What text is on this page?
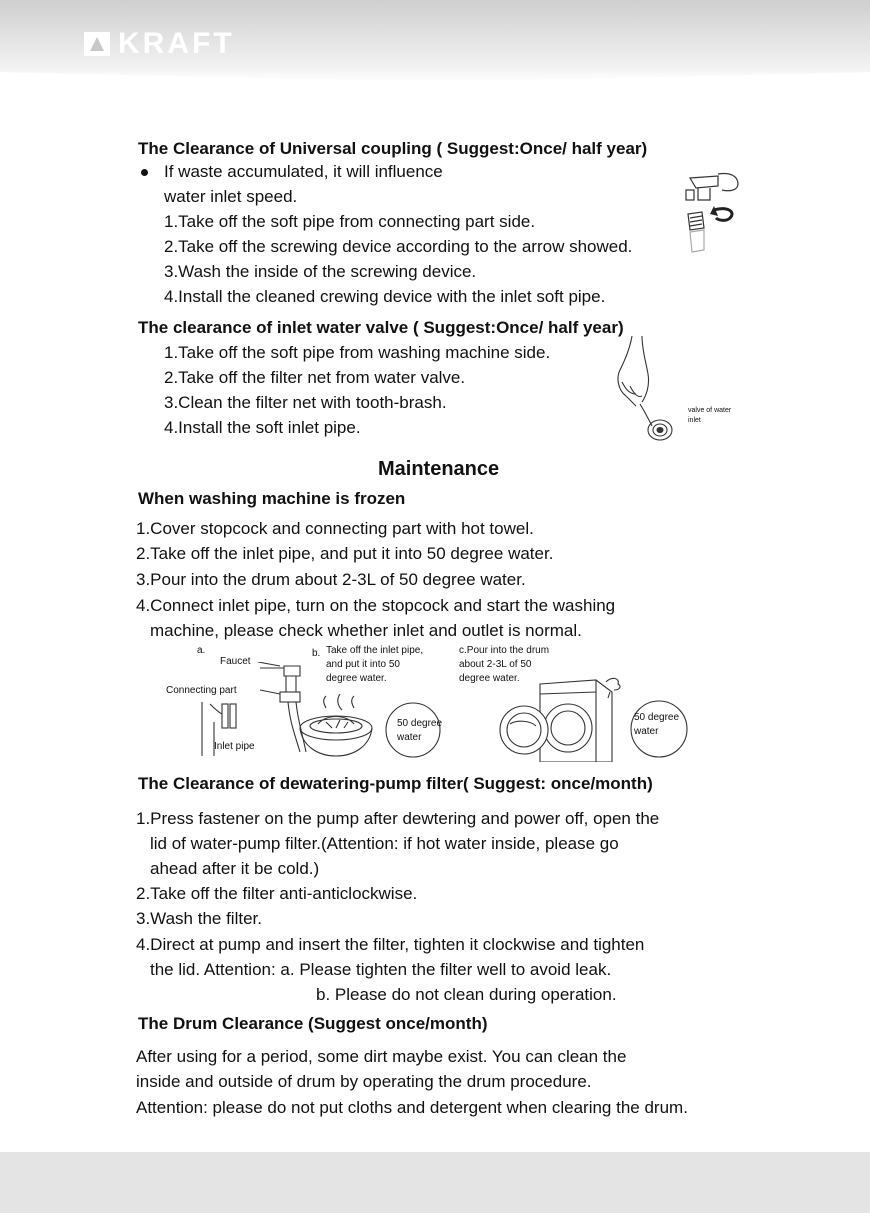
KRAFT
The Clearance of Universal coupling ( Suggest:Once/ half year)
If waste accumulated, it will influence
water inlet speed.
1.Take off the soft pipe from connecting part side.
2.Take off the screwing device according to the arrow showed.
3.Wash the inside of the screwing device.
4.Install the cleaned crewing device with the inlet soft pipe.
The clearance of inlet water valve ( Suggest:Once/ half year)
1.Take off the soft pipe from washing machine side.
2.Take off the filter net from water valve.
3.Clean the filter net with tooth-brash.
4.Install the soft inlet pipe.
valve of water
inlet
Maintenance
When washing machine is frozen
1.Cover stopcock and connecting part with hot towel.
2.Take off the inlet pipe, and put it into 50 degree water.
3.Pour into the drum about 2-3L of 50 degree water.
4.Connect inlet pipe, turn on the stopcock and start the washing
machine, please check whether inlet and outlet is normal.
a.
Faucet
Connecting part
Inlet pipe
b. Take off the inlet pipe,
and put it into 50
degree water.
c.Pour into the drum
about 2-3L of 50
degree water.
50 degree
water
50 degree
water
The Clearance of dewatering-pump filter( Suggest: once/month)
1.Press fastener on the pump after dewtering and power off, open the
lid of water-pump filter.(Attention: if hot water inside, please go
ahead after it be cold.)
2.Take off the filter anti-anticlockwise.
3.Wash the filter.
4.Direct at pump and insert the filter, tighten it clockwise and tighten
the lid. Attention: a. Please tighten the filter well to avoid leak.
b. Please do not clean during operation.
The Drum Clearance (Suggest once/month)
After using for a period, some dirt maybe exist. You can clean the
inside and outside of drum by operating the drum procedure.
Attention: please do not put cloths and detergent when clearing the drum.
